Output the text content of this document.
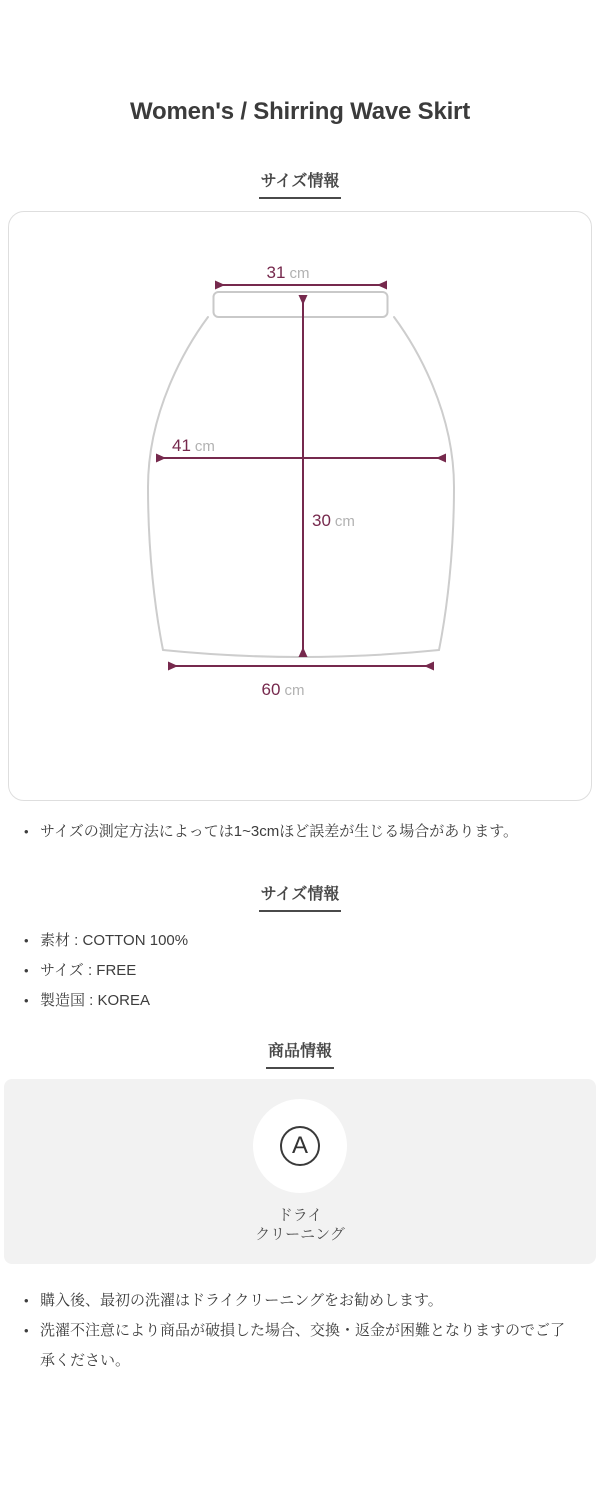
Women's / Shirring Wave Skirt
サイズ情報
31 cm
41 cm
30 cm
60 cm
• サイズの測定方法によっては1~3cmほど誤差が生じる場合があります。
サイズ情報
• 素材 : COTTON 100%
• サイズ : FREE
• 製造国 : KOREA
商品情報
A
ドライ
クリーニング
• 購入後、最初の洗濯はドライクリーニングをお勧めします。
• 洗濯不注意により商品が破損した場合、交換・返金が困難となりますのでご了承ください。
